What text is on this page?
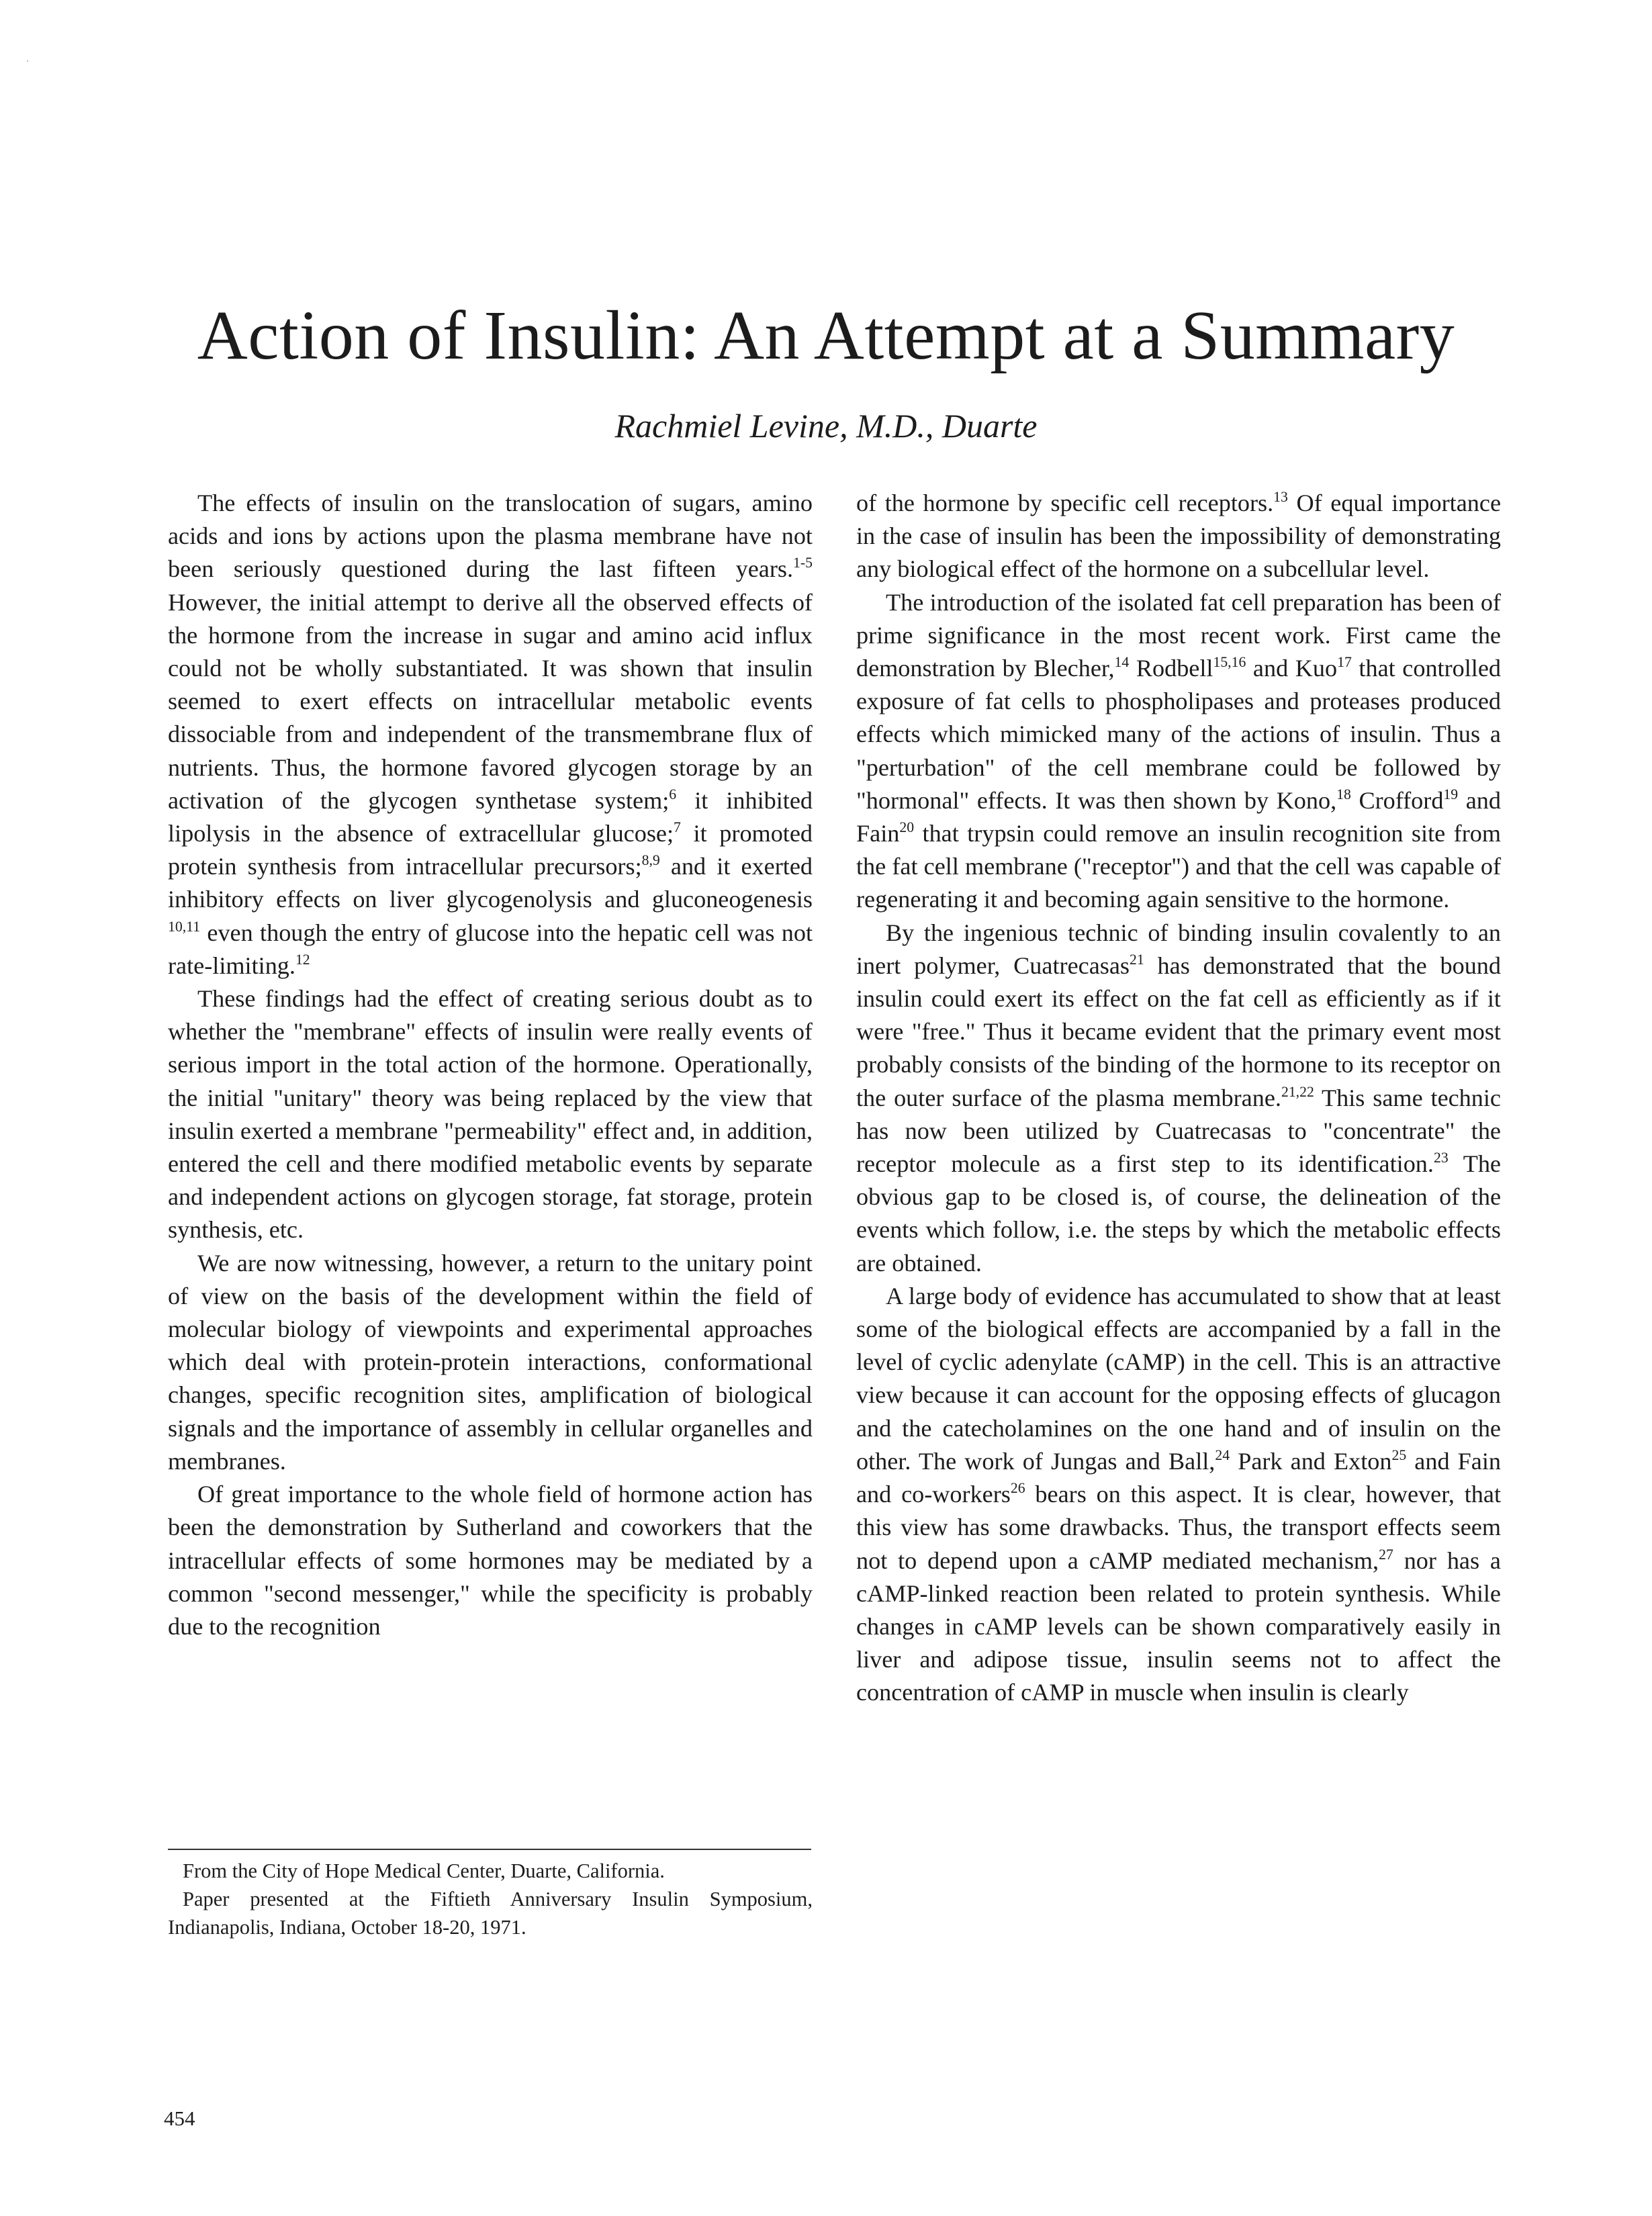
Action of Insulin: An Attempt at a Summary
Rachmiel Levine, M.D., Duarte

The effects of insulin on the translocation of sugars, amino acids and ions by actions upon the plasma membrane have not been seriously questioned during the last fifteen years.$^{1-5}$ However, the initial attempt to derive all the observed effects of the hormone from the increase in sugar and amino acid influx could not be wholly substantiated. It was shown that insulin seemed to exert effects on intracellular metabolic events dissociable from and independent of the transmembrane flux of nutrients. Thus, the hormone favored glycogen storage by an activation of the glycogen synthetase system;$^6$ it inhibited lipolysis in the absence of extracellular glucose;$^7$ it promoted protein synthesis from intracellular precursors;$^{8,9}$ and it exerted inhibitory effects on liver glycogenolysis and gluconeogenesis $^{10,11}$ even though the entry of glucose into the hepatic cell was not rate-limiting.$^{12}$

These findings had the effect of creating serious doubt as to whether the "membrane" effects of insulin were really events of serious import in the total action of the hormone. Operationally, the initial "unitary" theory was being replaced by the view that insulin exerted a membrane "permeability" effect and, in addition, entered the cell and there modified metabolic events by separate and independent actions on glycogen storage, fat storage, protein synthesis, etc.

We are now witnessing, however, a return to the unitary point of view on the basis of the development within the field of molecular biology of viewpoints and experimental approaches which deal with protein-protein interactions, conformational changes, specific recognition sites, amplification of biological signals and the importance of assembly in cellular organelles and membranes.

Of great importance to the whole field of hormone action has been the demonstration by Sutherland and coworkers that the intracellular effects of some hormones may be mediated by a common "second messenger," while the specificity is probably due to the recognition

of the hormone by specific cell receptors.$^{13}$ Of equal importance in the case of insulin has been the impossibility of demonstrating any biological effect of the hormone on a subcellular level.

The introduction of the isolated fat cell preparation has been of prime significance in the most recent work. First came the demonstration by Blecher,$^{14}$ Rodbell$^{15,16}$ and Kuo$^{17}$ that controlled exposure of fat cells to phospholipases and proteases produced effects which mimicked many of the actions of insulin. Thus a "perturbation" of the cell membrane could be followed by "hormonal" effects. It was then shown by Kono,$^{18}$ Crofford$^{19}$ and Fain$^{20}$ that trypsin could remove an insulin recognition site from the fat cell membrane ("receptor") and that the cell was capable of regenerating it and becoming again sensitive to the hormone.

By the ingenious technic of binding insulin covalently to an inert polymer, Cuatrecasas$^{21}$ has demonstrated that the bound insulin could exert its effect on the fat cell as efficiently as if it were "free." Thus it became evident that the primary event most probably consists of the binding of the hormone to its receptor on the outer surface of the plasma membrane.$^{21,22}$ This same technic has now been utilized by Cuatrecasas to "concentrate" the receptor molecule as a first step to its identification.$^{23}$ The obvious gap to be closed is, of course, the delineation of the events which follow, i.e. the steps by which the metabolic effects are obtained.

A large body of evidence has accumulated to show that at least some of the biological effects are accompanied by a fall in the level of cyclic adenylate (cAMP) in the cell. This is an attractive view because it can account for the opposing effects of glucagon and the catecholamines on the one hand and of insulin on the other. The work of Jungas and Ball,$^{24}$ Park and Exton$^{25}$ and Fain and co-workers$^{26}$ bears on this aspect. It is clear, however, that this view has some drawbacks. Thus, the transport effects seem not to depend upon a cAMP mediated mechanism,$^{27}$ nor has a cAMP-linked reaction been related to protein synthesis. While changes in cAMP levels can be shown comparatively easily in liver and adipose tissue, insulin seems not to affect the concentration of cAMP in muscle when insulin is clearly

From the City of Hope Medical Center, Duarte, California.

Paper presented at the Fiftieth Anniversary Insulin Symposium, Indianapolis, Indiana, October 18-20, 1971.

454
